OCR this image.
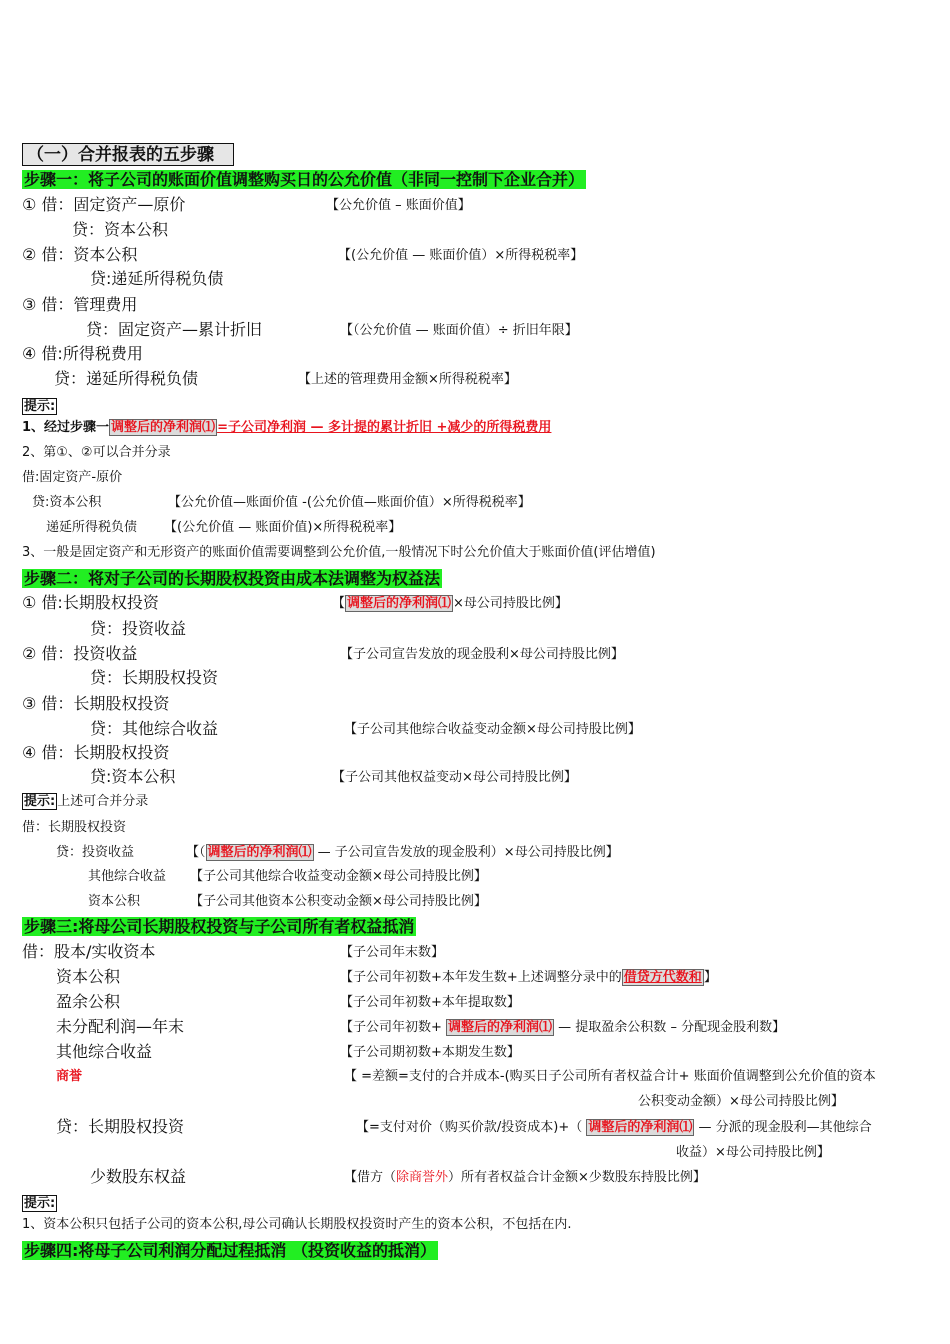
（一）合并报表的五步骤
步骤一：将子公司的账面价值调整购买日的公允价值（非同一控制下企业合并）
① 借：固定资产—原价	【公允价值 – 账面价值】
贷：资本公积
② 借：资本公积	【(公允价值 — 账面价值）×所得税税率】
贷:递延所得税负债
③ 借：管理费用
贷：固定资产—累计折旧	【（公允价值 — 账面价值）÷ 折旧年限】
④ 借:所得税费用
贷：递延所得税负债	【上述的管理费用金额×所得税税率】
提示:
1、经过步骤一 调整后的净利润⑴ =子公司净利润 — 多计提的累计折旧 +减少的所得税费用
2、第①、②可以合并分录
借:固定资产-原价
贷:资本公积	【公允价值—账面价值 -(公允价值—账面价值）×所得税税率】
递延所得税负债 【(公允价值 — 账面价值)×所得税税率】
3、一般是固定资产和无形资产的账面价值需要调整到公允价值,一般情况下时公允价值大于账面价值(评估增值)
步骤二：将对子公司的长期股权投资由成本法调整为权益法
① 借:长期股权投资	【 调整后的净利润⑴ ×母公司持股比例】
贷：投资收益
② 借：投资收益	【子公司宣告发放的现金股利×母公司持股比例】
贷：长期股权投资
③ 借：长期股权投资
贷：其他综合收益	【子公司其他综合收益变动金额×母公司持股比例】
④ 借：长期股权投资
贷:资本公积	【子公司其他权益变动×母公司持股比例】
提示: 上述可合并分录
借：长期股权投资
贷：投资收益	【（ 调整后的净利润⑴ — 子公司宣告发放的现金股利）×母公司持股比例】
其他综合收益 【子公司其他综合收益变动金额×母公司持股比例】
资本公积	【子公司其他资本公积变动金额×母公司持股比例】
步骤三:将母公司长期股权投资与子公司所有者权益抵消
借：股本/实收资本	【子公司年末数】
资本公积	【子公司年初数+本年发生数+上述调整分录中的 借贷方代数和 】
盈余公积	【子公司年初数+本年提取数】
未分配利润—年末	【子公司年初数+ 调整后的净利润⑴ — 提取盈余公积数 – 分配现金股利数】
其他综合收益	【子公司期初数+本期发生数】
商誉	【 =差额=支付的合并成本-(购买日子公司所有者权益合计+ 账面价值调整到公允价值的资本
公积变动金额）×母公司持股比例】
贷：长期股权投资	【=支付对价（购买价款/投资成本)+（ 调整后的净利润⑴ — 分派的现金股利—其他综合
收益）×母公司持股比例】
少数股东权益	【借方（除商誉外）所有者权益合计金额×少数股东持股比例】
提示:
1、资本公积只包括子公司的资本公积,母公司确认长期股权投资时产生的资本公积，不包括在内.
步骤四:将母子公司利润分配过程抵消 （投资收益的抵消）
